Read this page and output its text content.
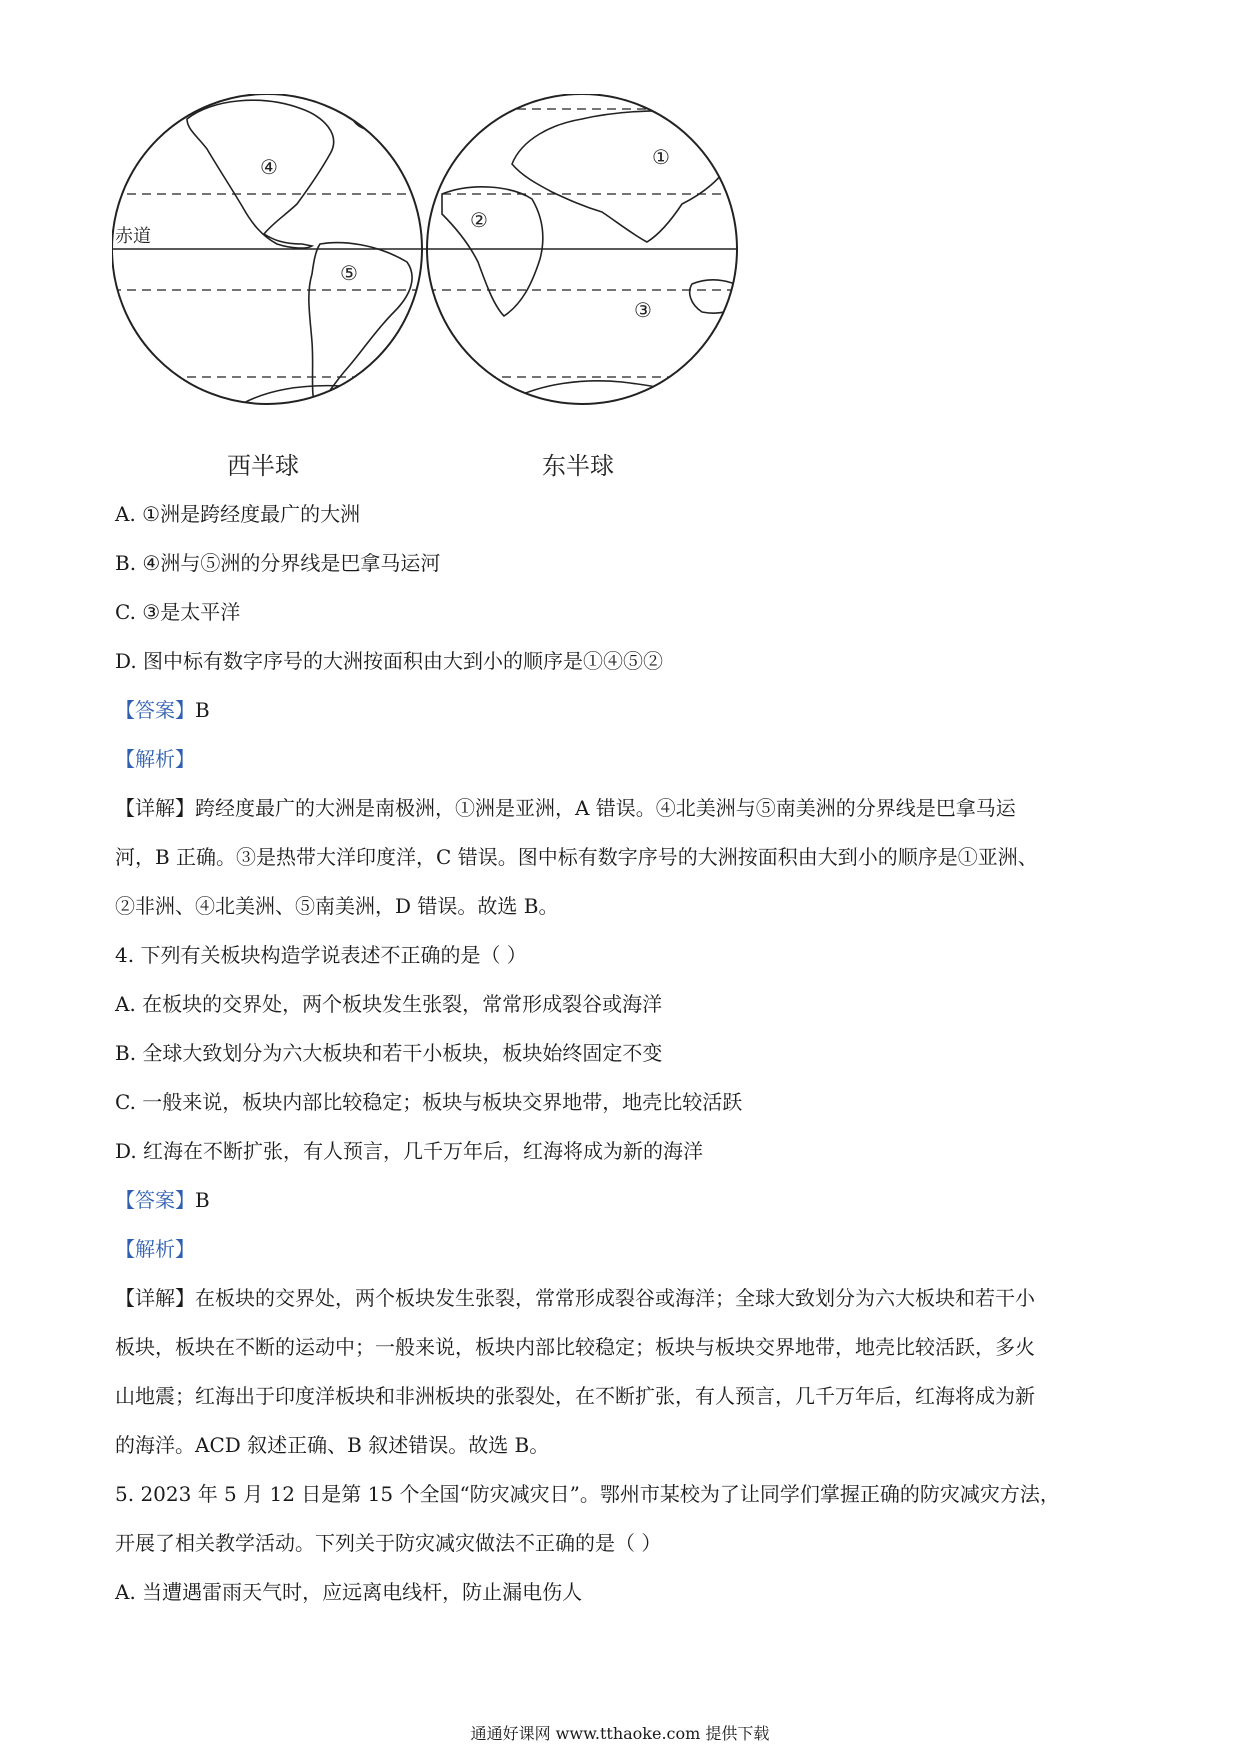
赤道
④
⑤
①
②
③
西半球	东半球
A. ①洲是跨经度最广的大洲
B. ④洲与⑤洲的分界线是巴拿马运河
C. ③是太平洋
D. 图中标有数字序号的大洲按面积由大到小的顺序是①④⑤②
【答案】B
【解析】
【详解】跨经度最广的大洲是南极洲，①洲是亚洲，A 错误。④北美洲与⑤南美洲的分界线是巴拿马运
河，B 正确。③是热带大洋印度洋，C 错误。图中标有数字序号的大洲按面积由大到小的顺序是①亚洲、
②非洲、④北美洲、⑤南美洲，D 错误。故选 B。
4. 下列有关板块构造学说表述不正确的是（ ）
A. 在板块的交界处，两个板块发生张裂，常常形成裂谷或海洋
B. 全球大致划分为六大板块和若干小板块，板块始终固定不变
C. 一般来说，板块内部比较稳定；板块与板块交界地带，地壳比较活跃
D. 红海在不断扩张，有人预言，几千万年后，红海将成为新的海洋
【答案】B
【解析】
【详解】在板块的交界处，两个板块发生张裂，常常形成裂谷或海洋；全球大致划分为六大板块和若干小
板块，板块在不断的运动中；一般来说，板块内部比较稳定；板块与板块交界地带，地壳比较活跃，多火
山地震；红海出于印度洋板块和非洲板块的张裂处，在不断扩张，有人预言，几千万年后，红海将成为新
的海洋。ACD 叙述正确、B 叙述错误。故选 B。
5. 2023 年 5 月 12 日是第 15 个全国“防灾减灾日”。鄂州市某校为了让同学们掌握正确的防灾减灾方法，
开展了相关教学活动。下列关于防灾减灾做法不正确的是（ ）
A. 当遭遇雷雨天气时，应远离电线杆，防止漏电伤人
通通好课网 www.tthaoke.com 提供下载
